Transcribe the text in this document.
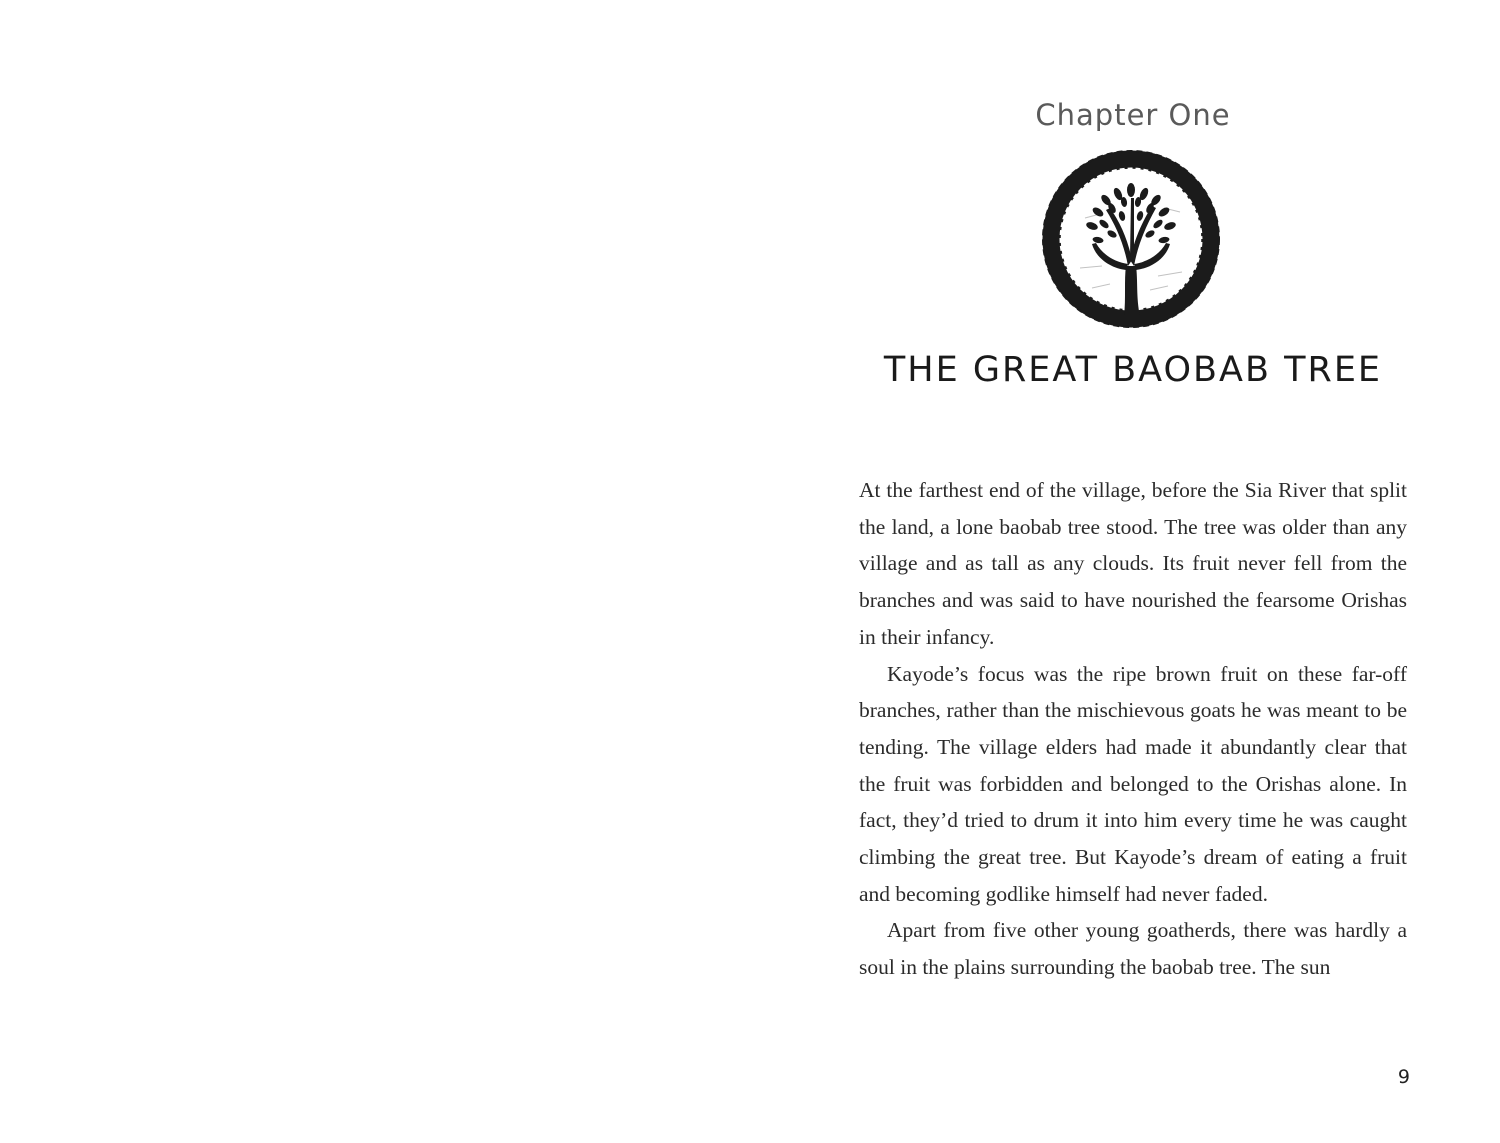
Chapter One
THE GREAT BAOBAB TREE

At the farthest end of the village, before the Sia River that split the land, a lone baobab tree stood. The tree was older than any village and as tall as any clouds. Its fruit never fell from the branches and was said to have nourished the fearsome Orishas in their infancy.

Kayode’s focus was the ripe brown fruit on these far-off branches, rather than the mischievous goats he was meant to be tending. The village elders had made it abundantly clear that the fruit was forbidden and belonged to the Orishas alone. In fact, they’d tried to drum it into him every time he was caught climbing the great tree. But Kayode’s dream of eating a fruit and becoming godlike himself had never faded.

Apart from five other young goatherds, there was hardly a soul in the plains surrounding the baobab tree. The sun

9
